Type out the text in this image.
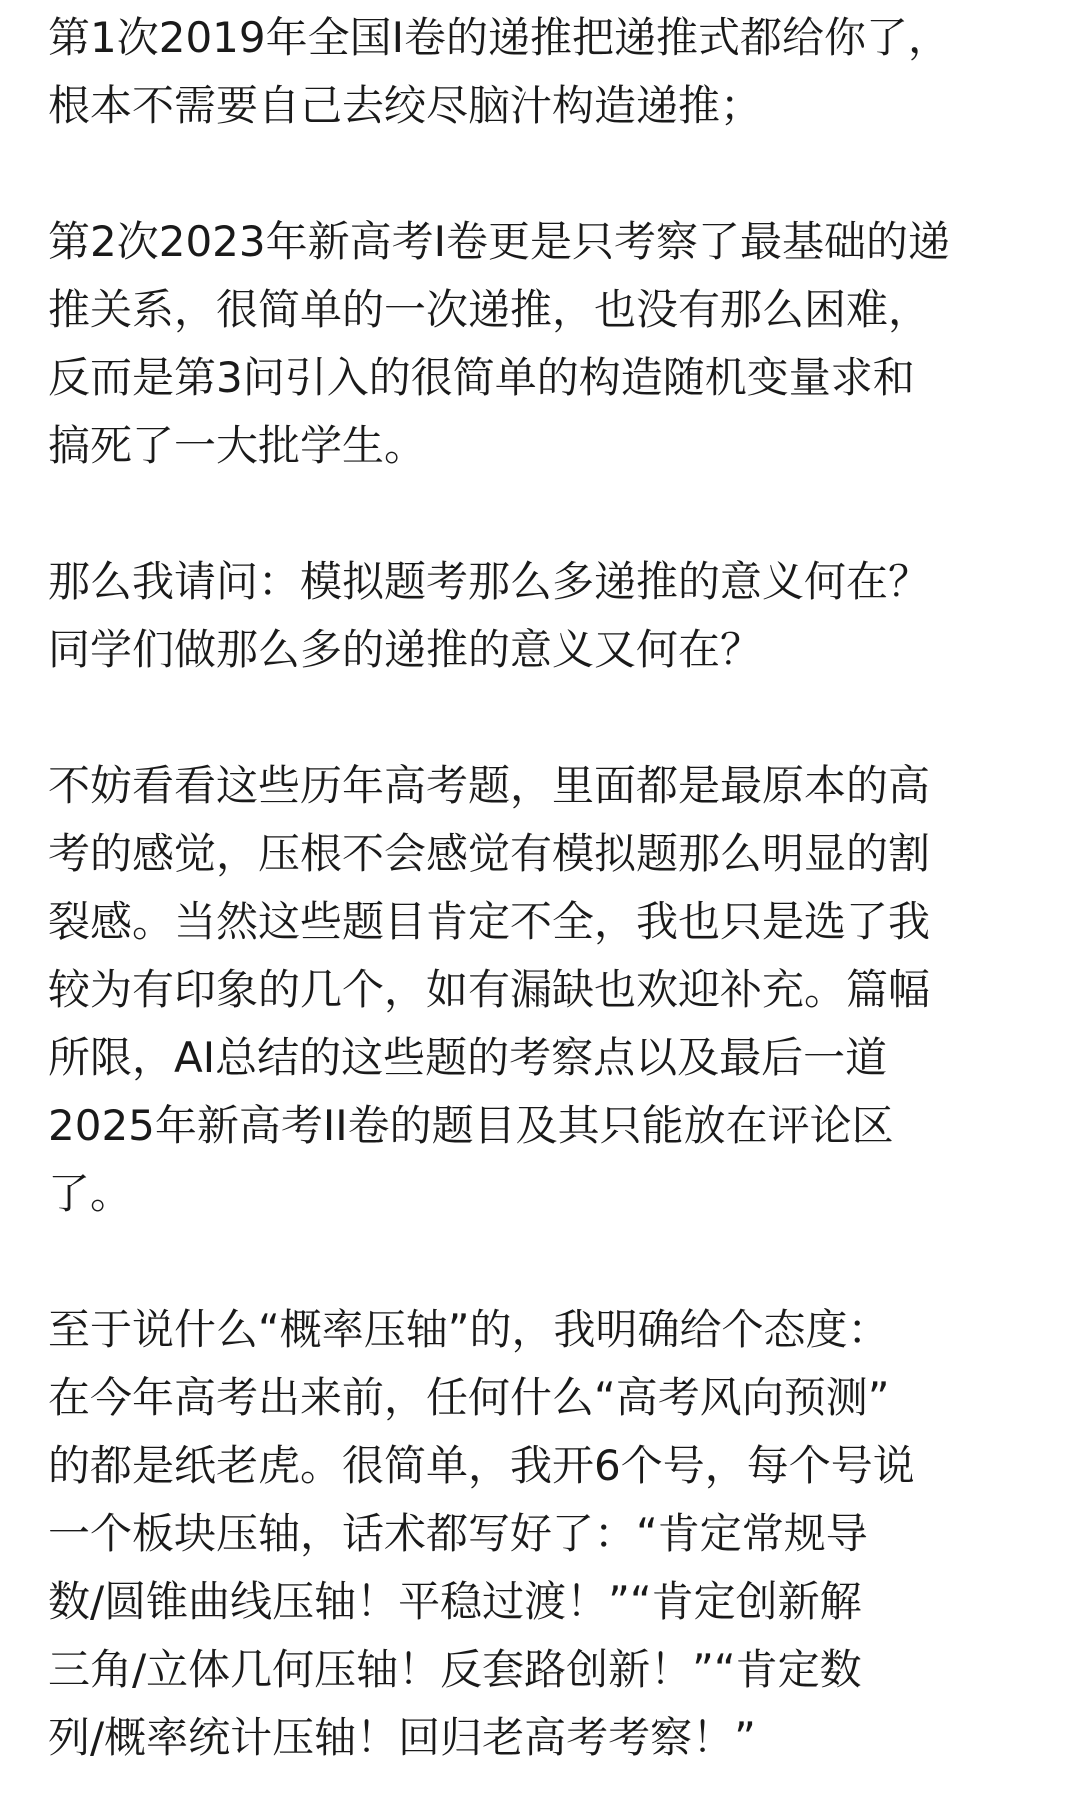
第1次2019年全国I卷的递推把递推式都给你了，
根本不需要自己去绞尽脑汁构造递推；
第2次2023年新高考I卷更是只考察了最基础的递
推关系，很简单的一次递推，也没有那么困难，
反而是第3问引入的很简单的构造随机变量求和
搞死了一大批学生。
那么我请问：模拟题考那么多递推的意义何在？
同学们做那么多的递推的意义又何在？
不妨看看这些历年高考题，里面都是最原本的高
考的感觉，压根不会感觉有模拟题那么明显的割
裂感。当然这些题目肯定不全，我也只是选了我
较为有印象的几个，如有漏缺也欢迎补充。篇幅
所限，AI总结的这些题的考察点以及最后一道
2025年新高考II卷的题目及其只能放在评论区
了。
至于说什么“概率压轴”的，我明确给个态度：
在今年高考出来前，任何什么“高考风向预测”
的都是纸老虎。很简单，我开6个号，每个号说
一个板块压轴，话术都写好了：“肯定常规导
数/圆锥曲线压轴！平稳过渡！”“肯定创新解
三角/立体几何压轴！反套路创新！”“肯定数
列/概率统计压轴！回归老高考考察！”
